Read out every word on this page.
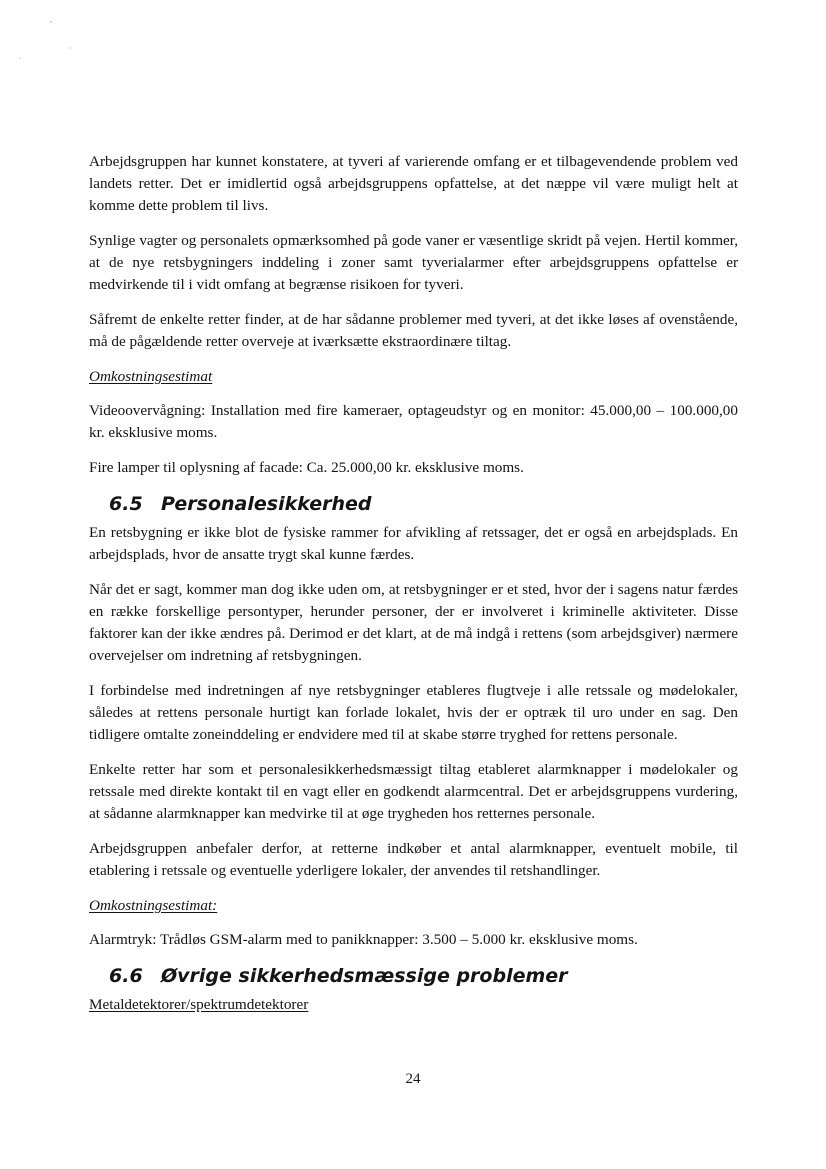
Arbejdsgruppen har kunnet konstatere, at tyveri af varierende omfang er et tilbagevendende problem ved landets retter. Det er imidlertid også arbejdsgruppens opfattelse, at det næppe vil være muligt helt at komme dette problem til livs.

Synlige vagter og personalets opmærksomhed på gode vaner er væsentlige skridt på vejen. Hertil kommer, at de nye retsbygningers inddeling i zoner samt tyverialarmer efter arbejdsgruppens opfattelse er medvirkende til i vidt omfang at begrænse risikoen for tyveri.

Såfremt de enkelte retter finder, at de har sådanne problemer med tyveri, at det ikke løses af ovenstående, må de pågældende retter overveje at iværksætte ekstraordinære tiltag.

Omkostningsestimat

Videoovervågning: Installation med fire kameraer, optageudstyr og en monitor: 45.000,00 – 100.000,00 kr. eksklusive moms.

Fire lamper til oplysning af facade: Ca. 25.000,00 kr. eksklusive moms.

6.5 Personalesikkerhed

En retsbygning er ikke blot de fysiske rammer for afvikling af retssager, det er også en arbejdsplads. En arbejdsplads, hvor de ansatte trygt skal kunne færdes.

Når det er sagt, kommer man dog ikke uden om, at retsbygninger er et sted, hvor der i sagens natur færdes en række forskellige persontyper, herunder personer, der er involveret i kriminelle aktiviteter. Disse faktorer kan der ikke ændres på. Derimod er det klart, at de må indgå i rettens (som arbejdsgiver) nærmere overvejelser om indretning af retsbygningen.

I forbindelse med indretningen af nye retsbygninger etableres flugtveje i alle retssale og mødelokaler, således at rettens personale hurtigt kan forlade lokalet, hvis der er optræk til uro under en sag. Den tidligere omtalte zoneinddeling er endvidere med til at skabe større tryghed for rettens personale.

Enkelte retter har som et personalesikkerhedsmæssigt tiltag etableret alarmknapper i mødelokaler og retssale med direkte kontakt til en vagt eller en godkendt alarmcentral. Det er arbejdsgruppens vurdering, at sådanne alarmknapper kan medvirke til at øge trygheden hos retternes personale.

Arbejdsgruppen anbefaler derfor, at retterne indkøber et antal alarmknapper, eventuelt mobile, til etablering i retssale og eventuelle yderligere lokaler, der anvendes til retshandlinger.

Omkostningsestimat:

Alarmtryk: Trådløs GSM-alarm med to panikknapper: 3.500 – 5.000 kr. eksklusive moms.

6.6 Øvrige sikkerhedsmæssige problemer
Metaldetektorer/spektrumdetektorer
24
